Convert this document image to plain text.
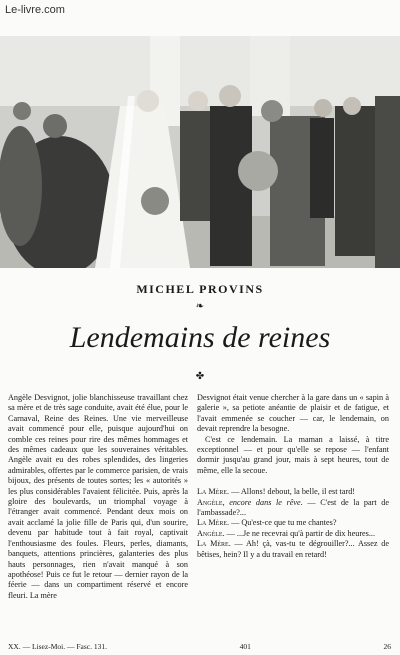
Le-livre.com
MICHEL PROVINS
❧
Lendemains de reines
✤

Angèle Desvignot, jolie blanchisseuse travaillant chez sa mère et de très sage conduite, avait été élue, pour le Carnaval, Reine des Reines. Une vie merveilleuse avait commencé pour elle, puisque aujourd'hui on comble ces reines pour rire des mêmes hommages et des mêmes cadeaux que les souveraines véritables. Angèle avait eu des robes splendides, des lingeries admirables, offertes par le commerce parisien, de vrais bijoux, des présents de toutes sortes; les « autorités » les plus considérables l'avaient félicitée. Puis, après la gloire des boulevards, un triomphal voyage à l'étranger avait commencé. Pendant deux mois on avait acclamé la jolie fille de Paris qui, d'un sourire, devenu par habitude tout à fait royal, captivait l'enthousiasme des foules. Fleurs, perles, diamants, banquets, attentions princières, galanteries des plus hauts personnages, rien n'avait manqué à son apothéose! Puis ce fut le retour — dernier rayon de la féerie — dans un compartiment réservé et encore fleuri. La mère

Desvignot était venue chercher à la gare dans un « sapin à galerie », sa petiote anéantie de plaisir et de fatigue, et l'avait emmenée se coucher — car, le lendemain, on devait reprendre la besogne.

C'est ce lendemain. La maman a laissé, à titre exceptionnel — et pour qu'elle se repose — l'enfant dormir jusqu'au grand jour, mais à sept heures, tout de même, elle la secoue.

La Mère. — Allons! debout, la belle, il est tard!

Angèle, encore dans le rêve. — C'est de la part de l'ambassade?...

La Mère. — Qu'est-ce que tu me chantes?

Angèle. — ...Je ne recevrai qu'à partir de dix heures...

La Mère. — Ah! çà, vas-tu te dégrouiller?... Assez de bêtises, hein? Il y a du travail en retard!

XX. — Lisez-Moi. — Fasc. 131.	401	26
